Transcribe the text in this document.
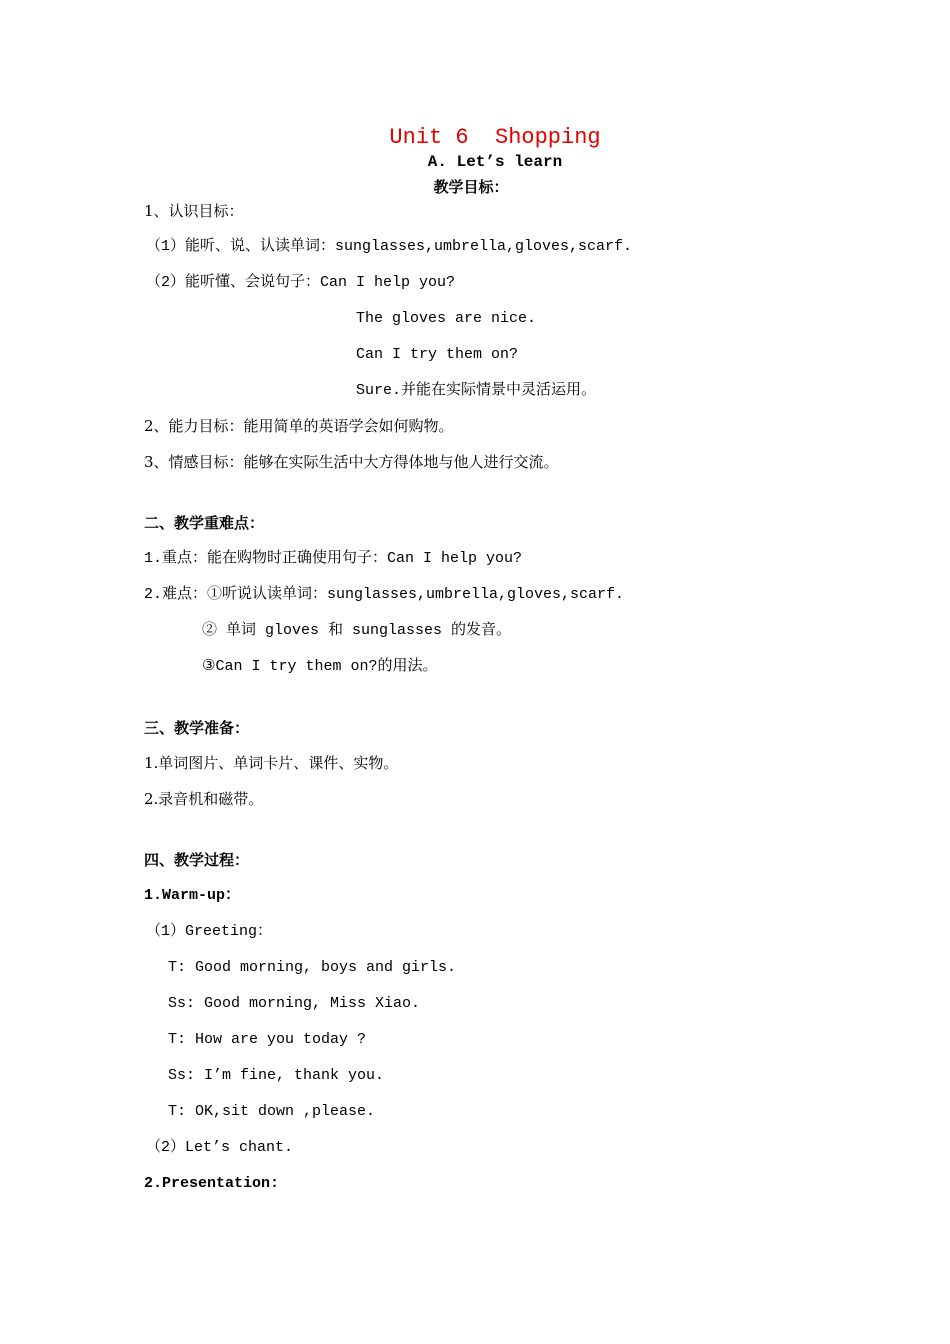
Unit 6  Shopping
A. Let’s learn
教学目标：
1、认识目标：
（1）能听、说、认读单词：sunglasses,umbrella,gloves,scarf.
（2）能听懂、会说句子：Can I help you?
The gloves are nice.
Can I try them on?
Sure.并能在实际情景中灵活运用。
2、能力目标：能用简单的英语学会如何购物。
3、情感目标：能够在实际生活中大方得体地与他人进行交流。
二、教学重难点：
1.重点：能在购物时正确使用句子：Can I help you?
2.难点：①听说认读单词：sunglasses,umbrella,gloves,scarf.
② 单词 gloves 和 sunglasses 的发音。
③Can I try them on?的用法。
三、教学准备：
1.单词图片、单词卡片、课件、实物。
2.录音机和磁带。
四、教学过程：
1.Warm-up：
（1）Greeting：
T: Good morning, boys and girls.
Ss: Good morning, Miss Xiao.
T: How are you today ?
Ss: I’m fine, thank you.
T: OK,sit down ,please.
（2）Let’s chant.
2.Presentation:
